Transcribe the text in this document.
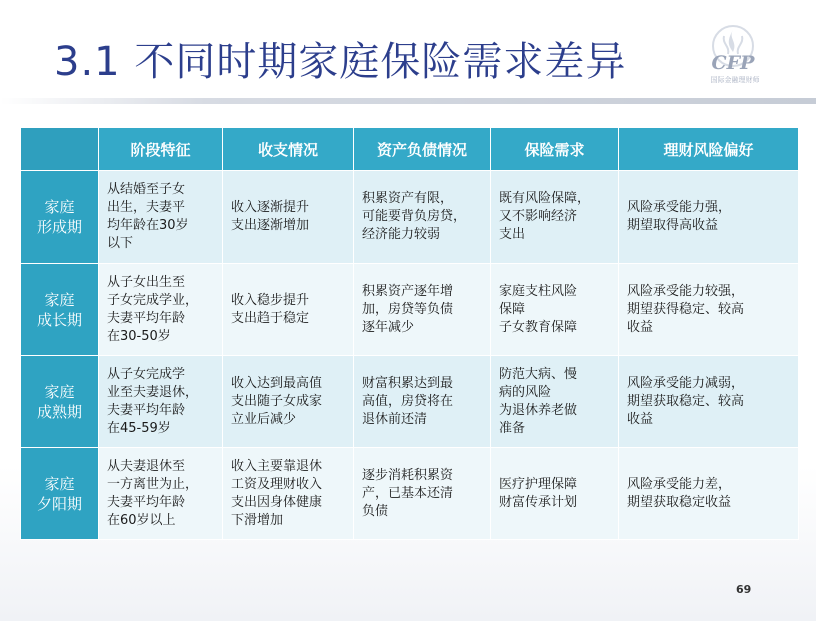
3.1 不同时期家庭保险需求差异	CFP
国际金融理财师
	阶段特征	收支情况	资产负债情况	保险需求	理财风险偏好

家庭
形成期	从结婚至子女
出生，夫妻平
均年龄在30岁
以下	收入逐渐提升
支出逐渐增加	积累资产有限，
可能要背负房贷，
经济能力较弱	既有风险保障，
又不影响经济
支出	风险承受能力强，
期望取得高收益

家庭
成长期	从子女出生至
子女完成学业，
夫妻平均年龄
在30-50岁	收入稳步提升
支出趋于稳定	积累资产逐年增
加，房贷等负债
逐年减少	家庭支柱风险
保障
子女教育保障	风险承受能力较强，
期望获得稳定、较高
收益

家庭
成熟期	从子女完成学
业至夫妻退休，
夫妻平均年龄
在45-59岁	收入达到最高值
支出随子女成家
立业后减少	财富积累达到最
高值，房贷将在
退休前还清	防范大病、慢
病的风险
为退休养老做
准备	风险承受能力减弱，
期望获取稳定、较高
收益

家庭
夕阳期	从夫妻退休至
一方离世为止，
夫妻平均年龄
在60岁以上	收入主要靠退休
工资及理财收入
支出因身体健康
下滑增加	逐步消耗积累资
产，已基本还清
负债	医疗护理保障
财富传承计划	风险承受能力差，
期望获取稳定收益
69
